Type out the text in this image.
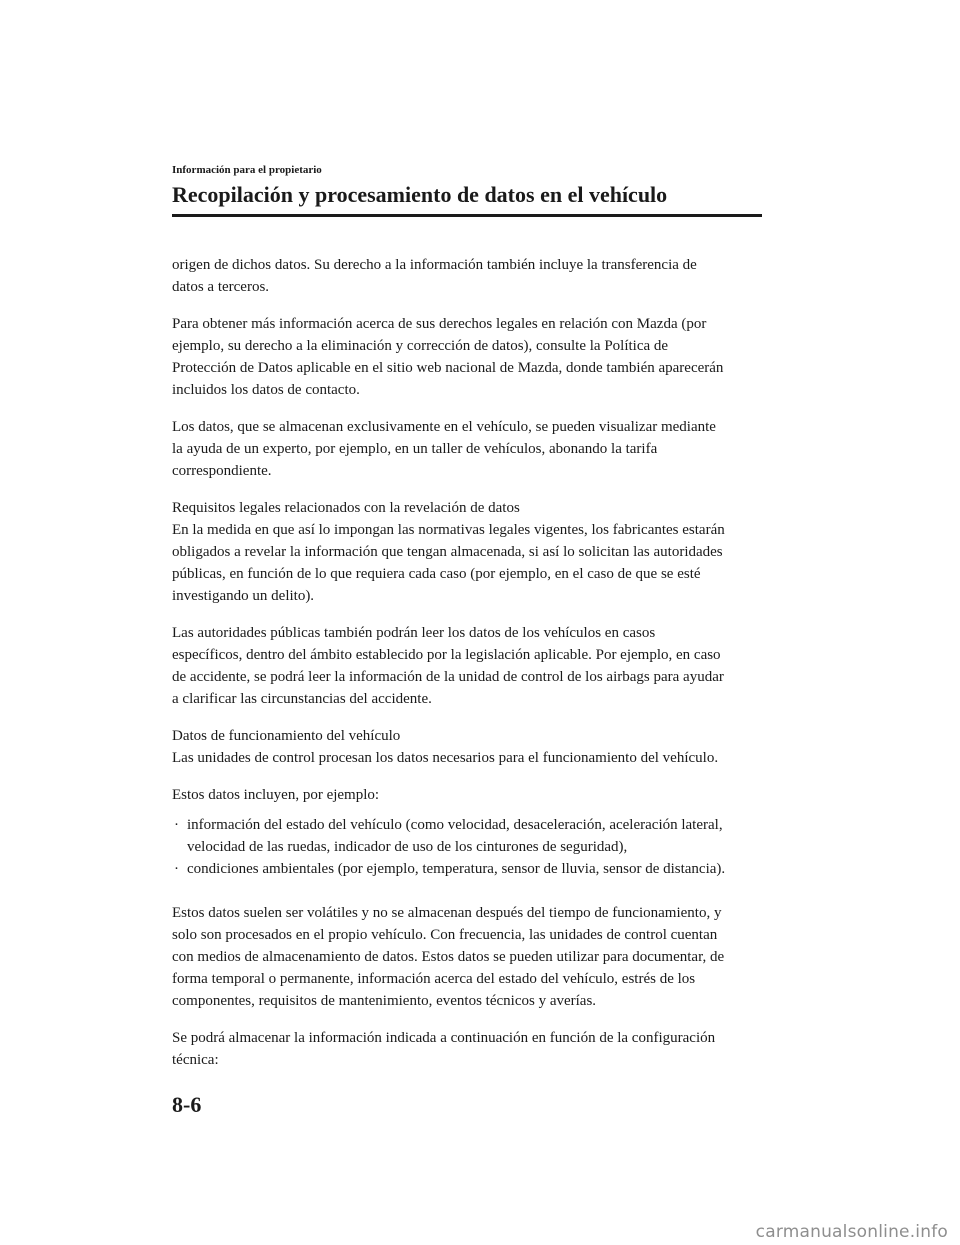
Información para el propietario
Recopilación y procesamiento de datos en el vehículo

origen de dichos datos. Su derecho a la información también incluye la transferencia de
datos a terceros.

Para obtener más información acerca de sus derechos legales en relación con Mazda (por
ejemplo, su derecho a la eliminación y corrección de datos), consulte la Política de
Protección de Datos aplicable en el sitio web nacional de Mazda, donde también aparecerán
incluidos los datos de contacto.

Los datos, que se almacenan exclusivamente en el vehículo, se pueden visualizar mediante
la ayuda de un experto, por ejemplo, en un taller de vehículos, abonando la tarifa
correspondiente.

Requisitos legales relacionados con la revelación de datos
En la medida en que así lo impongan las normativas legales vigentes, los fabricantes estarán
obligados a revelar la información que tengan almacenada, si así lo solicitan las autoridades
públicas, en función de lo que requiera cada caso (por ejemplo, en el caso de que se esté
investigando un delito).

Las autoridades públicas también podrán leer los datos de los vehículos en casos
específicos, dentro del ámbito establecido por la legislación aplicable. Por ejemplo, en caso
de accidente, se podrá leer la información de la unidad de control de los airbags para ayudar
a clarificar las circunstancias del accidente.

Datos de funcionamiento del vehículo
Las unidades de control procesan los datos necesarios para el funcionamiento del vehículo.

Estos datos incluyen, por ejemplo:

· información del estado del vehículo (como velocidad, desaceleración, aceleración lateral,
velocidad de las ruedas, indicador de uso de los cinturones de seguridad),
· condiciones ambientales (por ejemplo, temperatura, sensor de lluvia, sensor de distancia).

Estos datos suelen ser volátiles y no se almacenan después del tiempo de funcionamiento, y
solo son procesados en el propio vehículo. Con frecuencia, las unidades de control cuentan
con medios de almacenamiento de datos. Estos datos se pueden utilizar para documentar, de
forma temporal o permanente, información acerca del estado del vehículo, estrés de los
componentes, requisitos de mantenimiento, eventos técnicos y averías.

Se podrá almacenar la información indicada a continuación en función de la configuración
técnica:

8-6
carmanualsonline.info
